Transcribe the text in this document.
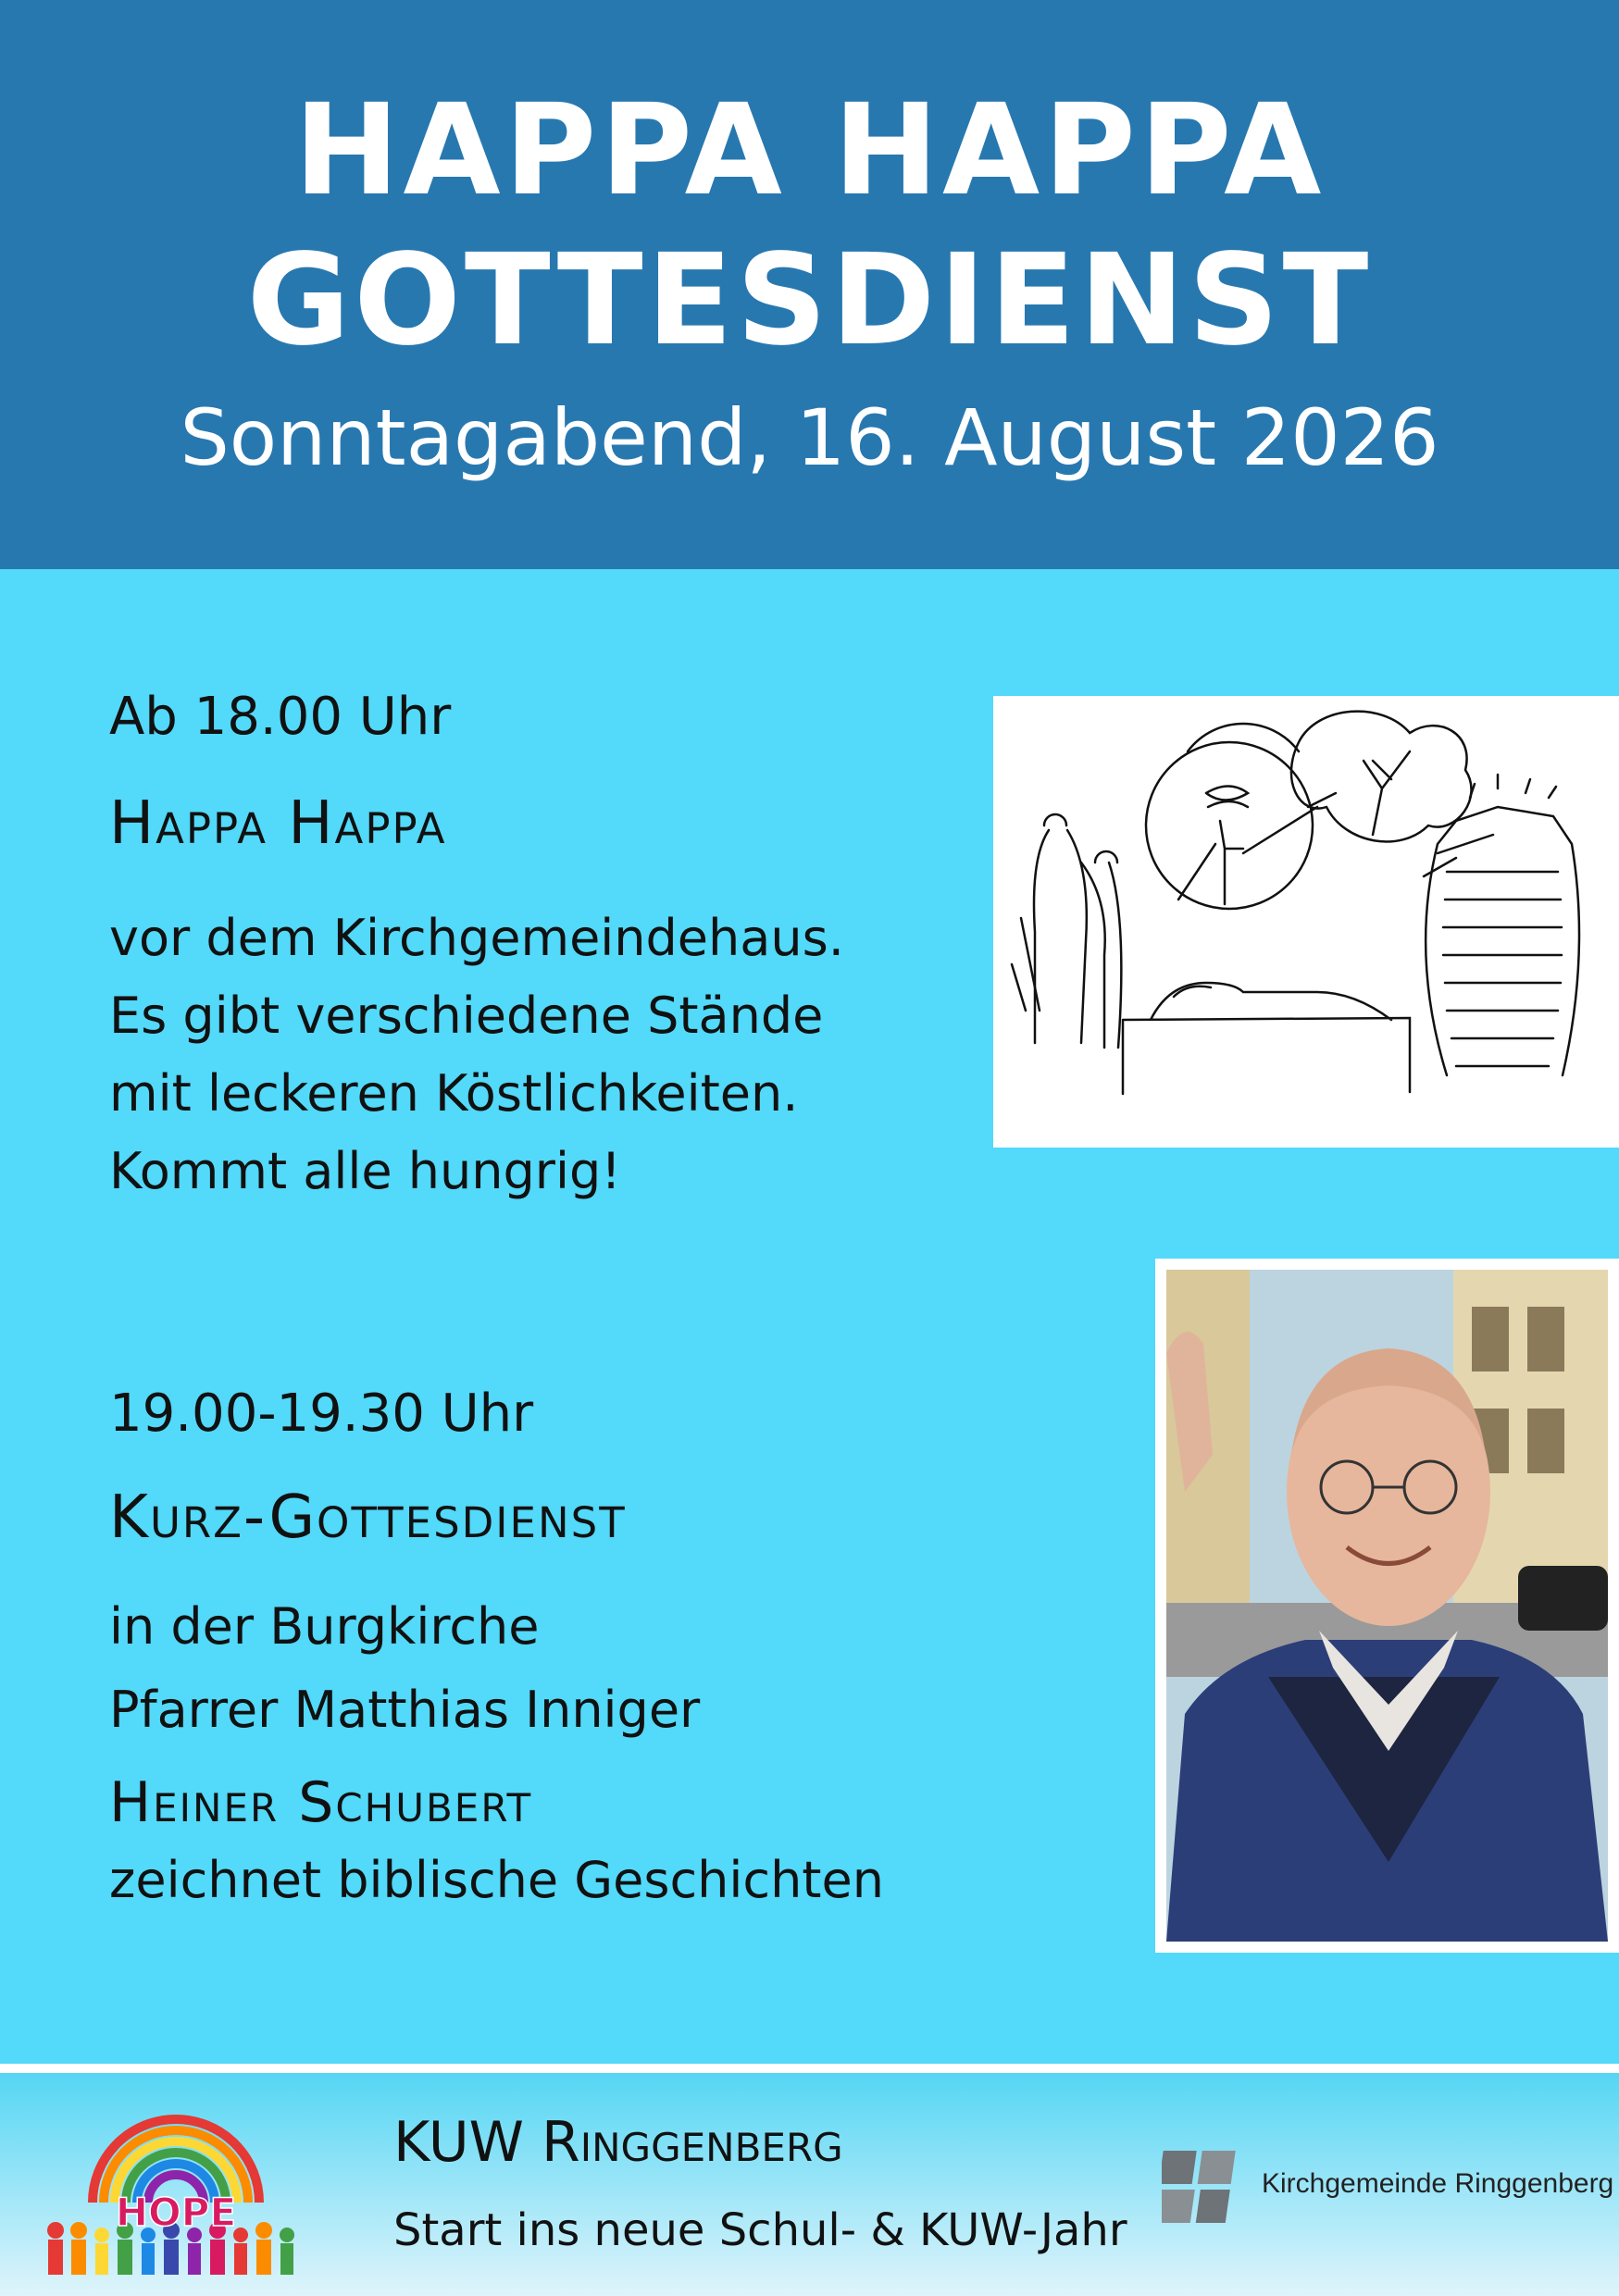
HAPPA HAPPA
GOTTESDIENST
Sonntagabend, 16. August 2026
Ab 18.00 Uhr
Happa Happa
vor dem Kirchgemeindehaus.
Es gibt verschiedene Stände
mit leckeren Köstlichkeiten.
Kommt alle hungrig!
19.00-19.30 Uhr
Kurz-Gottesdienst
in der Burgkirche
Pfarrer Matthias Inniger
Heiner Schubert
zeichnet biblische Geschichten
HOPE
KUW Ringgenberg
Start ins neue Schul- & KUW-Jahr
Kirchgemeinde Ringgenberg
